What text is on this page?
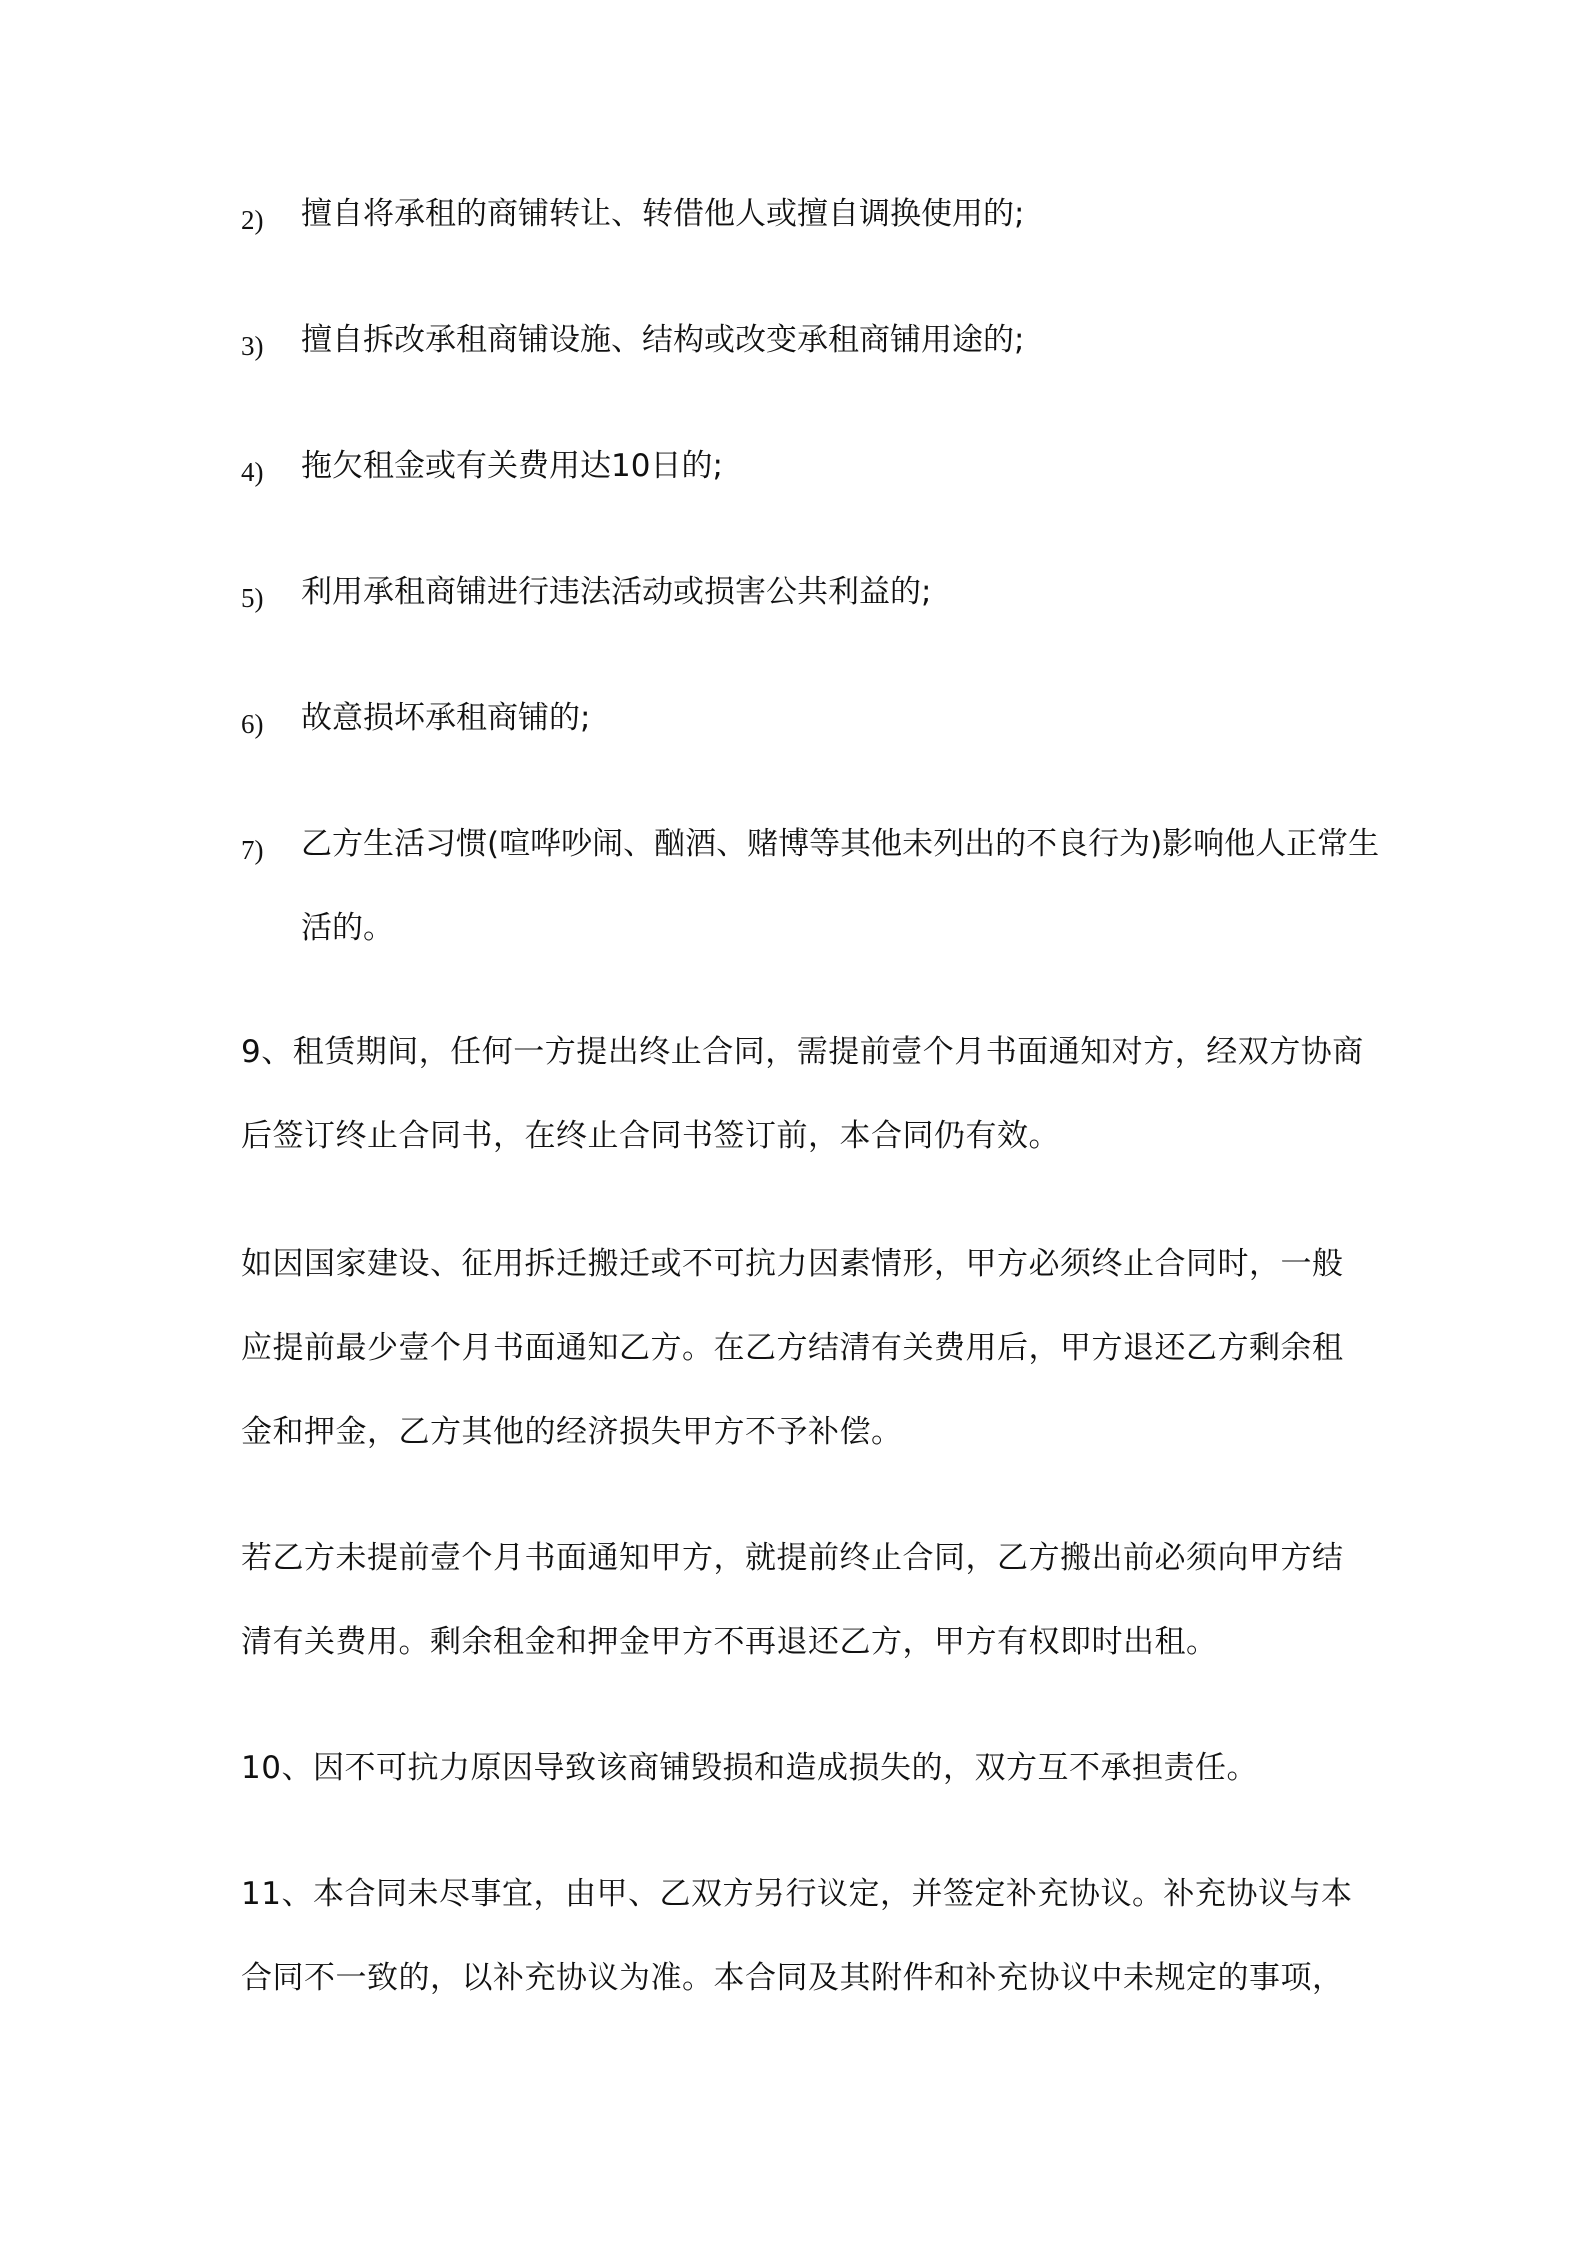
2) 擅自将承租的商铺转让、转借他人或擅自调换使用的;
3) 擅自拆改承租商铺设施、结构或改变承租商铺用途的;
4) 拖欠租金或有关费用达10日的;
5) 利用承租商铺进行违法活动或损害公共利益的;
6) 故意损坏承租商铺的;
7) 乙方生活习惯(喧哗吵闹、酗酒、赌博等其他未列出的不良行为)影响他人正常生活的。
9、租赁期间，任何一方提出终止合同，需提前壹个月书面通知对方，经双方协商后签订终止合同书，在终止合同书签订前，本合同仍有效。
如因国家建设、征用拆迁搬迁或不可抗力因素情形，甲方必须终止合同时，一般应提前最少壹个月书面通知乙方。在乙方结清有关费用后，甲方退还乙方剩余租金和押金，乙方其他的经济损失甲方不予补偿。
若乙方未提前壹个月书面通知甲方，就提前终止合同，乙方搬出前必须向甲方结清有关费用。剩余租金和押金甲方不再退还乙方，甲方有权即时出租。
10、因不可抗力原因导致该商铺毁损和造成损失的，双方互不承担责任。
11、本合同未尽事宜，由甲、乙双方另行议定，并签定补充协议。补充协议与本合同不一致的，以补充协议为准。本合同及其附件和补充协议中未规定的事项，
